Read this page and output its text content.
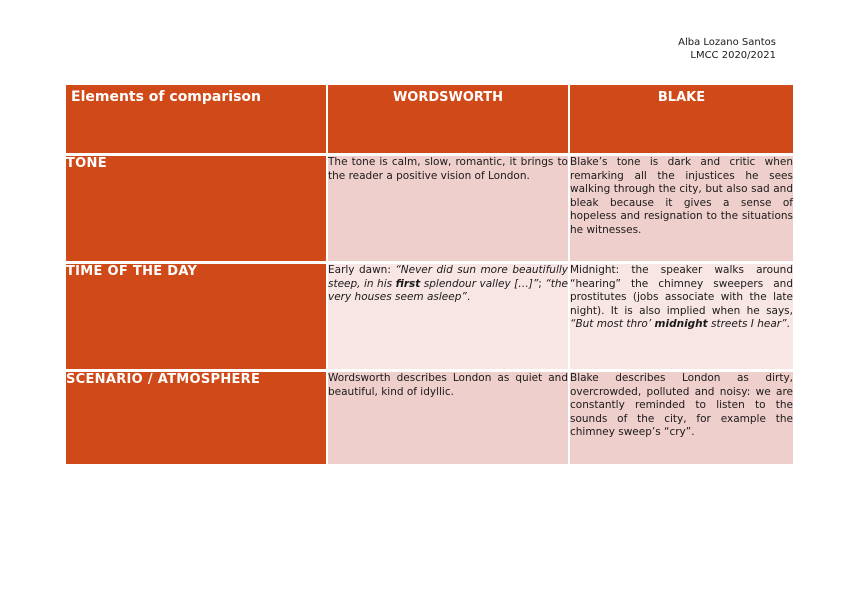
Alba Lozano Santos
LMCC 2020/2021
Elements of comparison	WORDSWORTH	BLAKE
TONE	The tone is calm, slow, romantic, it brings to the reader a positive vision of London.	Blake’s tone is dark and critic when remarking all the injustices he sees walking through the city, but also sad and bleak because it gives a sense of hopeless and resignation to the situations he witnesses.
TIME OF THE DAY	Early dawn: “Never did sun more beautifully steep, in his first splendour valley […]”; “the very houses seem asleep”.	Midnight: the speaker walks around “hearing” the chimney sweepers and prostitutes (jobs associate with the late night). It is also implied when he says, “But most thro’ midnight streets I hear”.
SCENARIO / ATMOSPHERE	Wordsworth describes London as quiet and beautiful, kind of idyllic.	Blake describes London as dirty, overcrowded, polluted and noisy: we are constantly reminded to listen to the sounds of the city, for example the chimney sweep’s “cry”.
